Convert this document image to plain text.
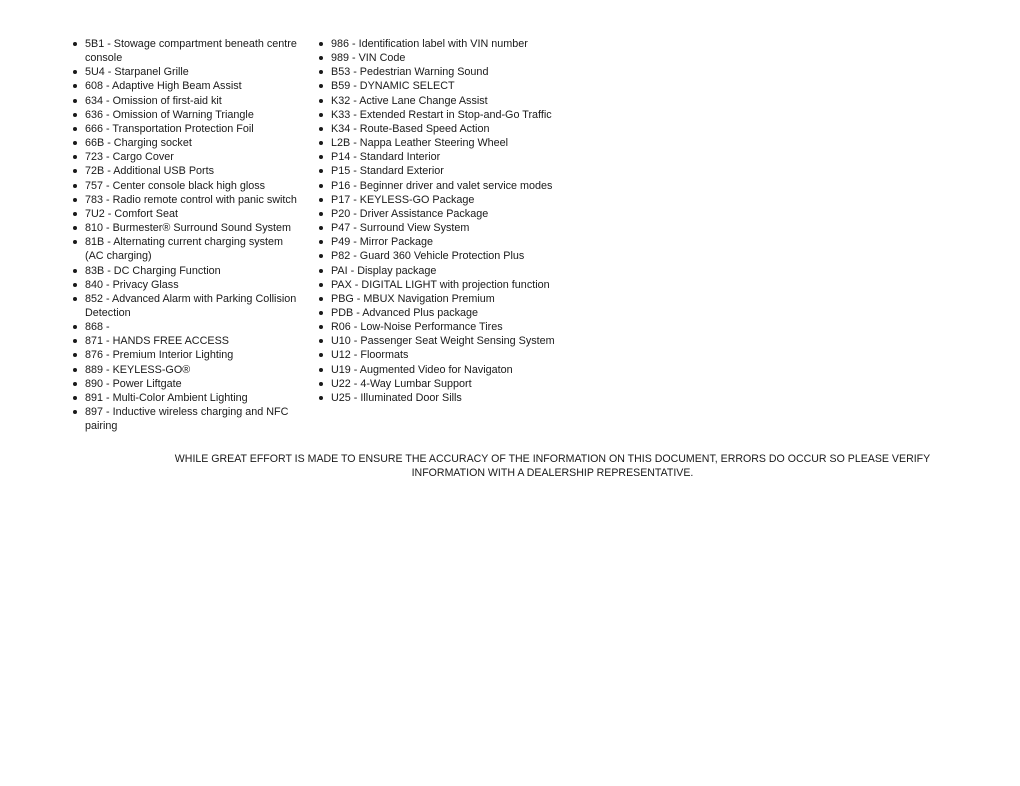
5B1 - Stowage compartment beneath centre console
5U4 - Starpanel Grille
608 - Adaptive High Beam Assist
634 - Omission of first-aid kit
636 - Omission of Warning Triangle
666 - Transportation Protection Foil
66B - Charging socket
723 - Cargo Cover
72B - Additional USB Ports
757 - Center console black high gloss
783 - Radio remote control with panic switch
7U2 - Comfort Seat
810 - Burmester® Surround Sound System
81B - Alternating current charging system (AC charging)
83B - DC Charging Function
840 - Privacy Glass
852 - Advanced Alarm with Parking Collision Detection
868 -
871 - HANDS FREE ACCESS
876 - Premium Interior Lighting
889 - KEYLESS-GO®
890 - Power Liftgate
891 - Multi-Color Ambient Lighting
897 - Inductive wireless charging and NFC pairing
986 - Identification label with VIN number
989 - VIN Code
B53 - Pedestrian Warning Sound
B59 - DYNAMIC SELECT
K32 - Active Lane Change Assist
K33 - Extended Restart in Stop-and-Go Traffic
K34 - Route-Based Speed Action
L2B - Nappa Leather Steering Wheel
P14 - Standard Interior
P15 - Standard Exterior
P16 - Beginner driver and valet service modes
P17 - KEYLESS-GO Package
P20 - Driver Assistance Package
P47 - Surround View System
P49 - Mirror Package
P82 - Guard 360 Vehicle Protection Plus
PAI - Display package
PAX - DIGITAL LIGHT with projection function
PBG - MBUX Navigation Premium
PDB - Advanced Plus package
R06 - Low-Noise Performance Tires
U10 - Passenger Seat Weight Sensing System
U12 - Floormats
U19 - Augmented Video for Navigaton
U22 - 4-Way Lumbar Support
U25 - Illuminated Door Sills
WHILE GREAT EFFORT IS MADE TO ENSURE THE ACCURACY OF THE INFORMATION ON THIS DOCUMENT, ERRORS DO OCCUR SO PLEASE VERIFY INFORMATION WITH A DEALERSHIP REPRESENTATIVE.
